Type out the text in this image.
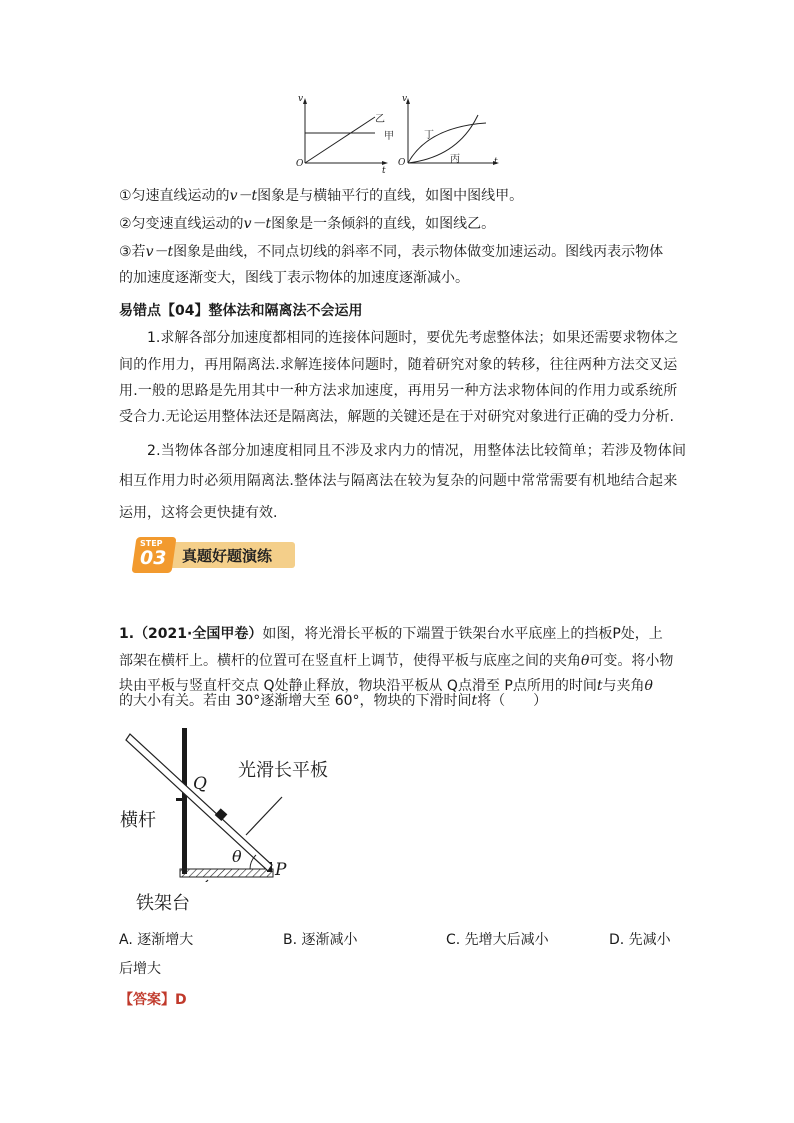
v
t
O
乙
甲
v
t
O
丁
丙
①匀速直线运动的v－t图象是与横轴平行的直线，如图中图线甲。
②匀变速直线运动的v－t图象是一条倾斜的直线，如图线乙。
③若v－t图象是曲线，不同点切线的斜率不同，表示物体做变加速运动。图线丙表示物体
的加速度逐渐变大，图线丁表示物体的加速度逐渐减小。
易错点【04】整体法和隔离法不会运用
1.求解各部分加速度都相同的连接体问题时，要优先考虑整体法；如果还需要求物体之
间的作用力，再用隔离法.求解连接体问题时，随着研究对象的转移，往往两种方法交叉运
用.一般的思路是先用其中一种方法求加速度，再用另一种方法求物体间的作用力或系统所
受合力.无论运用整体法还是隔离法，解题的关键还是在于对研究对象进行正确的受力分析.
2.当物体各部分加速度相同且不涉及求内力的情况，用整体法比较简单；若涉及物体间
相互作用力时必须用隔离法.整体法与隔离法在较为复杂的问题中常常需要有机地结合起来
运用，这将会更快捷有效.
STEP
03 真题好题演练
1.（2021·全国甲卷）如图，将光滑长平板的下端置于铁架台水平底座上的挡板P处，上
部架在横杆上。横杆的位置可在竖直杆上调节，使得平板与底座之间的夹角θ可变。将小物
块由平板与竖直杆交点 Q处静止释放，物块沿平板从 Q点滑至 P点所用的时间t与夹角θ
的大小有关。若由 30°逐渐增大至 60°，物块的下滑时间t将（　　）
光滑长平板
横杆
铁架台
Q
P
θ
A. 逐渐增大	B. 逐渐减小	C. 先增大后减小	D. 先减小
后增大
【答案】D
